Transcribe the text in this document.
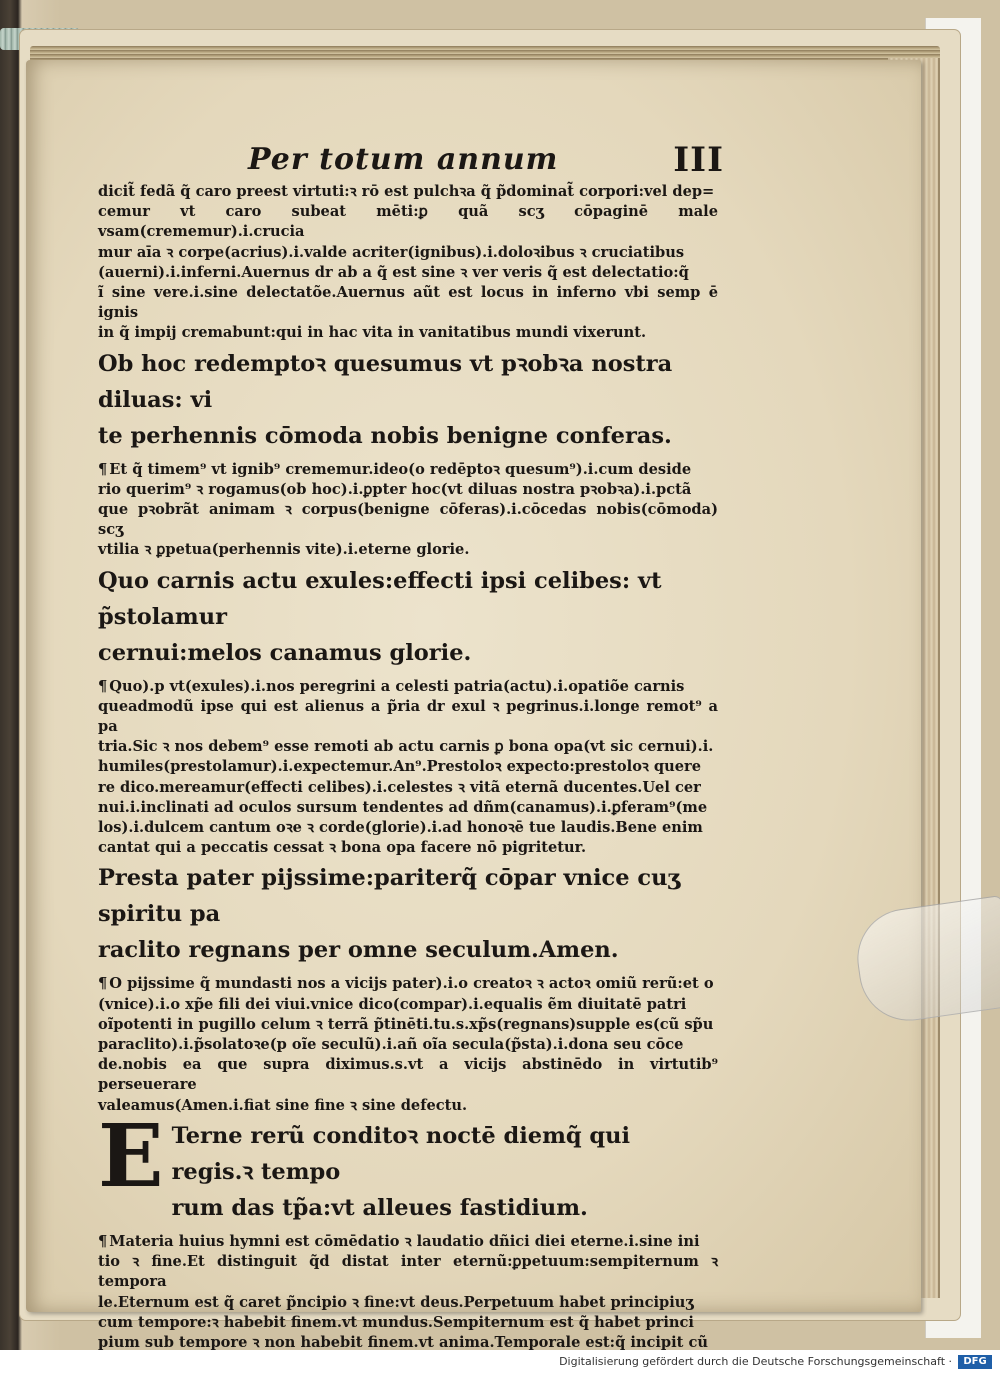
Per totum annum	III
dicit̃ fedã q̃ caro preest virtuti:ꝛ rō est pulchꝛa q̃ p̃dominat̃ corpori:vel dep=
cemur vt caro subeat mēti:ꝑ quã scʒ cōpaginē male vsam(crememur).i.crucia
mur aīa ꝛ corpe(acrius).i.valde acriter(ignibus).i.doloꝛibus ꝛ cruciatibus
(auerni).i.inferni.Auernus dr ab a q̃ est sine ꝛ ver veris q̃ est delectatio:q̃
ĩ sine vere.i.sine delectatõe.Auernus aũt est locus in inferno vbi semp ē ignis
in q̃ impij cremabunt:qui in hac vita in vanitatibus mundi vixerunt.
Ob hoc redemptoꝛ quesumus vt pꝛobꝛa nostra diluas: vi
te perhennis cōmoda nobis benigne conferas.
¶ Et q̃ timem⁹ vt ignib⁹ crememur.ideo(o redēptoꝛ quesum⁹).i.cum deside
rio querim⁹ ꝛ rogamus(ob hoc).i.ꝑpter hoc(vt diluas nostra pꝛobꝛa).i.pctã
que pꝛobrãt animam ꝛ corpus(benigne cōferas).i.cōcedas nobis(cōmoda) scʒ
vtilia ꝛ ꝑpetua(perhennis vite).i.eterne glorie.
Quo carnis actu exules:effecti ipsi celibes: vt p̃stolamur
cernui:melos canamus glorie.
¶ Quo).p vt(exules).i.nos peregrini a celesti patria(actu).i.opatiõe carnis
queadmodũ ipse qui est alienus a p̃ria dr exul ꝛ pegrinus.i.longe remot⁹ a pa
tria.Sic ꝛ nos debem⁹ esse remoti ab actu carnis ꝑ bona opa(vt sic cernui).i.
humiles(prestolamur).i.expectemur.An⁹.Prestoloꝛ expecto:prestoloꝛ quere
re dico.mereamur(effecti celibes).i.celestes ꝛ vitã eternã ducentes.Uel cer
nui.i.inclinati ad oculos sursum tendentes ad dñm(canamus).i.ꝑferam⁹(me
los).i.dulcem cantum oꝛe ꝛ corde(glorie).i.ad honoꝛē tue laudis.Bene enim
cantat qui a peccatis cessat ꝛ bona opa facere nō pigritetur.
Presta pater pijssime:pariterq̃ cōpar vnice cuʒ spiritu pa
raclito regnans per omne seculum.Amen.
¶ O pijssime q̃ mundasti nos a vicijs pater).i.o creatoꝛ ꝛ actoꝛ omiũ rerũ:et o
(vnice).i.o xp̃e fili dei viui.vnice dico(compar).i.equalis ẽm diuitatē patri
oĩpotenti in pugillo celum ꝛ terrã p̃tinēti.tu.s.xp̃s(regnans)supple es(cũ sp̃u
paraclito).i.p̃solatoꝛe(p oĩe seculũ).i.añ oĩa secula(p̃sta).i.dona seu cōce
de.nobis ea que supra diximus.s.vt a vicijs abstinēdo in virtutib⁹ perseuerare
valeamus(Amen.i.fiat sine fine ꝛ sine defectu.
E Terne rerũ conditoꝛ noctē diemq̃ qui regis.ꝛ tempo
rum das tp̃a:vt alleues fastidium.
¶ Materia huius hymni est cōmēdatio ꝛ laudatio dñici diei eterne.i.sine ini
tio ꝛ fine.Et distinguit q̃d distat inter eternũ:ꝑpetuum:sempiternum ꝛ tempora
le.Eternum est q̃ caret p̃ncipio ꝛ fine:vt deus.Perpetuum habet principiuʒ
cum tempore:ꝛ habebit finem.vt mundus.Sempiternum est q̃ habet princi
pium sub tempore ꝛ non habebit finem.vt anima.Temporale est:q̃ incipit cũ
Digitalisierung gefördert durch die Deutsche Forschungsgemeinschaft ·	DFG
